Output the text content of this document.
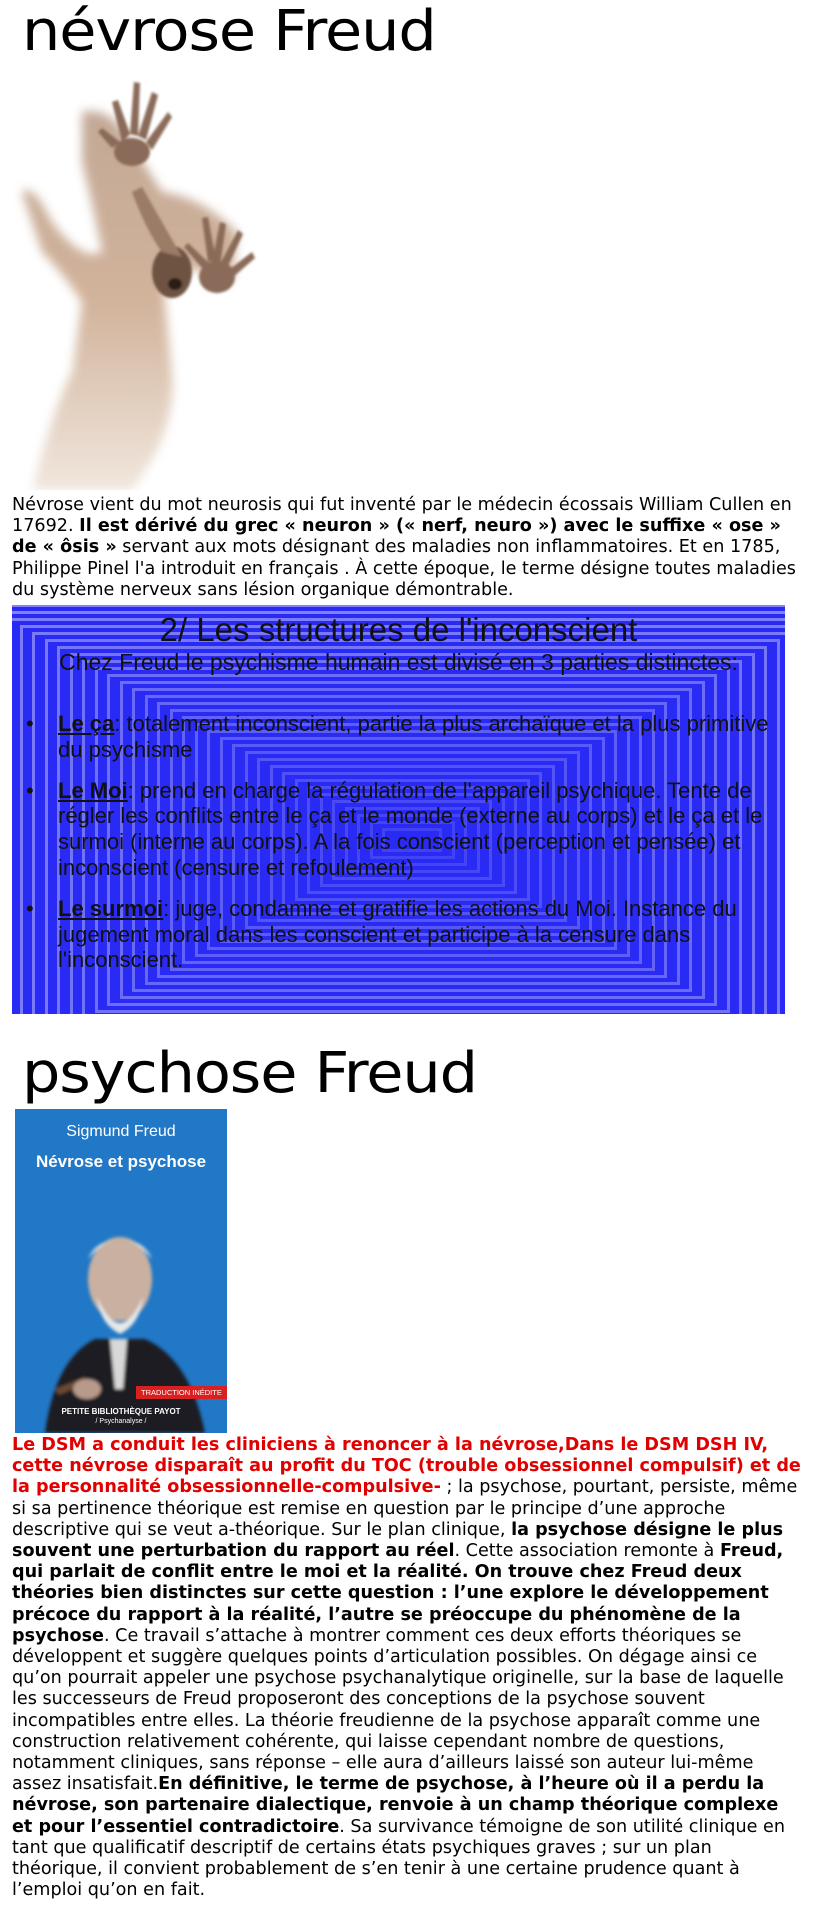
névrose Freud

Névrose vient du mot neurosis qui fut inventé par le médecin écossais William Cullen en 17692. Il est dérivé du grec « neuron » (« nerf, neuro ») avec le suffixe « ose » de « ôsis » servant aux mots désignant des maladies non inflammatoires. Et en 1785, Philippe Pinel l'a introduit en français . À cette époque, le terme désigne toutes maladies du système nerveux sans lésion organique démontrable.

2/ Les structures de l'inconscient
Chez Freud le psychisme humain est divisé en 3 parties distinctes:
• Le ça: totalement inconscient, partie la plus archaïque et la plus primitive du psychisme
• Le Moi: prend en charge la régulation de l'appareil psychique. Tente de régler les conflits entre le ça et le monde (externe au corps) et le ça et le surmoi (interne au corps). A la fois conscient (perception et pensée) et inconscient (censure et refoulement)
• Le surmoi: juge, condamne et gratifie les actions du Moi. Instance du jugement moral dans les conscient et participe à la censure dans l'inconscient.
psychose Freud
Sigmund Freud
Névrose et psychose
TRADUCTION INÉDITE
PETITE BIBLIOTHÈQUE PAYOT
/ Psychanalyse /

Le DSM a conduit les cliniciens à renoncer à la névrose,Dans le DSM DSH IV, cette névrose disparaît au profit du TOC (trouble obsessionnel compulsif) et de la personnalité obsessionnelle-compulsive- ; la psychose, pourtant, persiste, même si sa pertinence théorique est remise en question par le principe d’une approche descriptive qui se veut a-théorique. Sur le plan clinique, la psychose désigne le plus souvent une perturbation du rapport au réel. Cette association remonte à Freud, qui parlait de conflit entre le moi et la réalité. On trouve chez Freud deux théories bien distinctes sur cette question : l’une explore le développement précoce du rapport à la réalité, l’autre se préoccupe du phénomène de la psychose. Ce travail s’attache à montrer comment ces deux efforts théoriques se développent et suggère quelques points d’articulation possibles. On dégage ainsi ce qu’on pourrait appeler une psychose psychanalytique originelle, sur la base de laquelle les successeurs de Freud proposeront des conceptions de la psychose souvent incompatibles entre elles. La théorie freudienne de la psychose apparaît comme une construction relativement cohérente, qui laisse cependant nombre de questions, notamment cliniques, sans réponse – elle aura d’ailleurs laissé son auteur lui-même assez insatisfait.En définitive, le terme de psychose, à l’heure où il a perdu la névrose, son partenaire dialectique, renvoie à un champ théorique complexe et pour l’essentiel contradictoire. Sa survivance témoigne de son utilité clinique en tant que qualificatif descriptif de certains états psychiques graves ; sur un plan théorique, il convient probablement de s’en tenir à une certaine prudence quant à l’emploi qu’on en fait.
